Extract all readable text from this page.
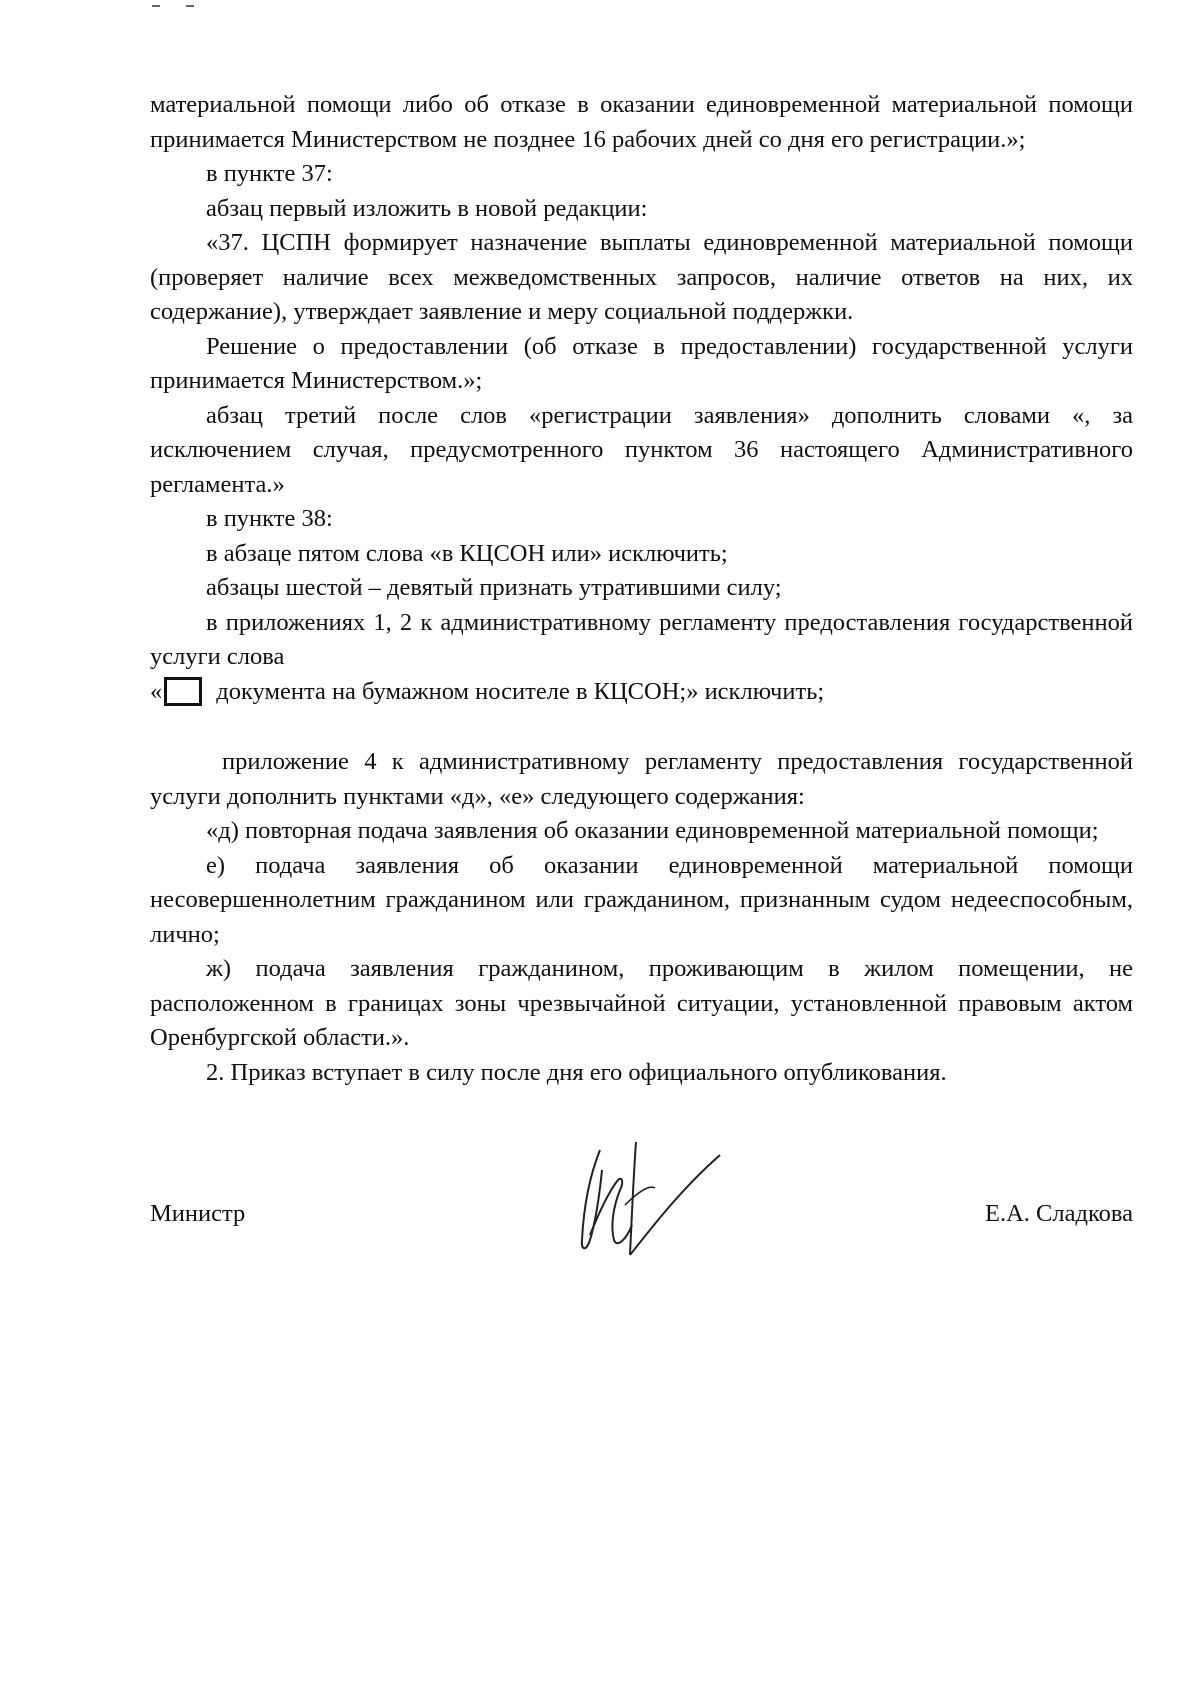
материальной помощи либо об отказе в оказании единовременной материальной помощи принимается Министерством не позднее 16 рабочих дней со дня его регистрации.»;

в пункте 37:

абзац первый изложить в новой редакции:

«37. ЦСПН формирует назначение выплаты единовременной материальной помощи (проверяет наличие всех межведомственных запросов, наличие ответов на них, их содержание), утверждает заявление и меру социальной поддержки.

Решение о предоставлении (об отказе в предоставлении) государственной услуги принимается Министерством.»;

абзац третий после слов «регистрации заявления» дополнить словами «, за исключением случая, предусмотренного пунктом 36 настоящего Административного регламента.»

в пункте 38:

в абзаце пятом слова «в КЦСОН или» исключить;

абзацы шестой – девятый признать утратившими силу;

в приложениях 1, 2 к административному регламенту предоставления государственной услуги слова

« документа на бумажном носителе в КЦСОН;» исключить;

приложение 4 к административному регламенту предоставления государственной услуги дополнить пунктами «д», «е» следующего содержания:

«д) повторная подача заявления об оказании единовременной материальной помощи;

е) подача заявления об оказании единовременной материальной помощи несовершеннолетним гражданином или гражданином, признанным судом недееспособным, лично;

ж) подача заявления гражданином, проживающим в жилом помещении, не расположенном в границах зоны чрезвычайной ситуации, установленной правовым актом Оренбургской области.».

2. Приказ вступает в силу после дня его официального опубликования.

Министр	Е.А. Сладкова
